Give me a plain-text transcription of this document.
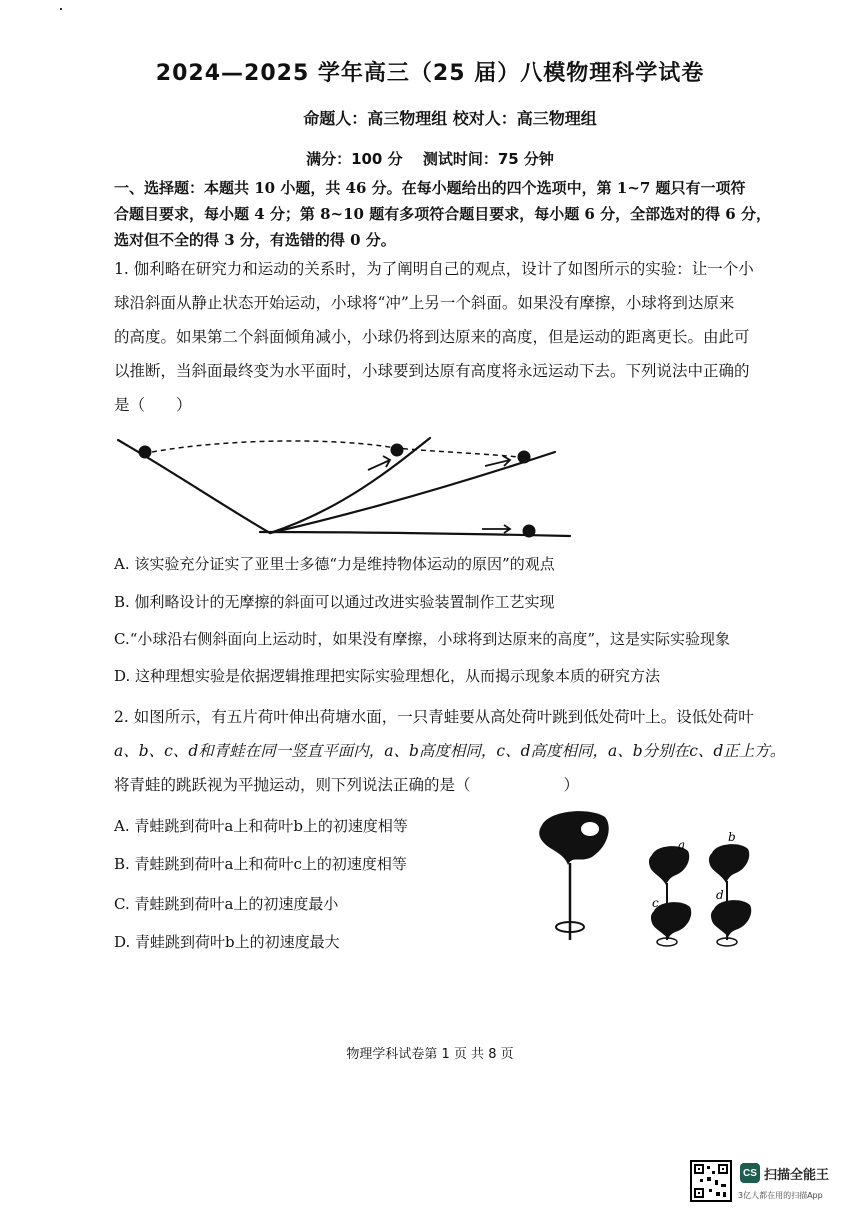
2024—2025 学年高三（25 届）八模物理科学试卷
命题人：高三物理组 校对人：高三物理组
满分：100 分　 测试时间：75 分钟
一、选择题：本题共 10 小题，共 46 分。在每小题给出的四个选项中，第 1~7 题只有一项符
合题目要求，每小题 4 分；第 8~10 题有多项符合题目要求，每小题 6 分，全部选对的得 6 分，
选对但不全的得 3 分，有选错的得 0 分。
1. 伽利略在研究力和运动的关系时，为了阐明自己的观点，设计了如图所示的实验：让一个小
球沿斜面从静止状态开始运动，小球将“冲”上另一个斜面。如果没有摩擦，小球将到达原来
的高度。如果第二个斜面倾角减小，小球仍将到达原来的高度，但是运动的距离更长。由此可
以推断，当斜面最终变为水平面时，小球要到达原有高度将永远运动下去。下列说法中正确的
是（　　）
A. 该实验充分证实了亚里士多德“力是维持物体运动的原因”的观点
B. 伽利略设计的无摩擦的斜面可以通过改进实验装置制作工艺实现
C.“小球沿右侧斜面向上运动时，如果没有摩擦，小球将到达原来的高度”，这是实际实验现象
D. 这种理想实验是依据逻辑推理把实际实验理想化，从而揭示现象本质的研究方法
2. 如图所示，有五片荷叶伸出荷塘水面，一只青蛙要从高处荷叶跳到低处荷叶上。设低处荷叶
a、b、c、d和青蛙在同一竖直平面内，a、b高度相同，c、d高度相同，a、b分别在c、d正上方。
将青蛙的跳跃视为平抛运动，则下列说法正确的是（　　　　　　）
A. 青蛙跳到荷叶a上和荷叶b上的初速度相等
B. 青蛙跳到荷叶a上和荷叶c上的初速度相等
C. 青蛙跳到荷叶a上的初速度最小
D. 青蛙跳到荷叶b上的初速度最大
a
b
c
d
物理学科试卷第 1 页 共 8 页
CS 扫描全能王
3亿人都在用的扫描App
